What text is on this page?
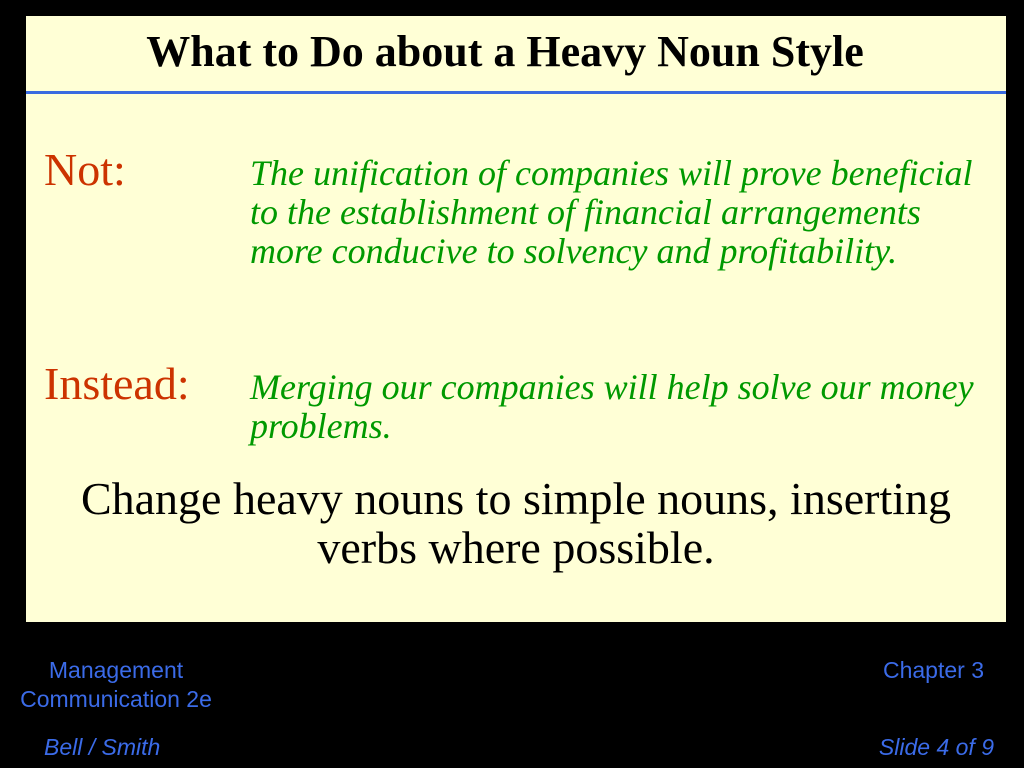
What to Do about a Heavy Noun Style

Not:	The unification of companies will prove beneficial to the establishment of financial arrangements more conducive to solvency and profitability.

Instead: Merging our companies will help solve our money problems.

Change heavy nouns to simple nouns, inserting verbs where possible.

Management
Communication 2e
Chapter 3
Bell / Smith	Slide 4 of 9
